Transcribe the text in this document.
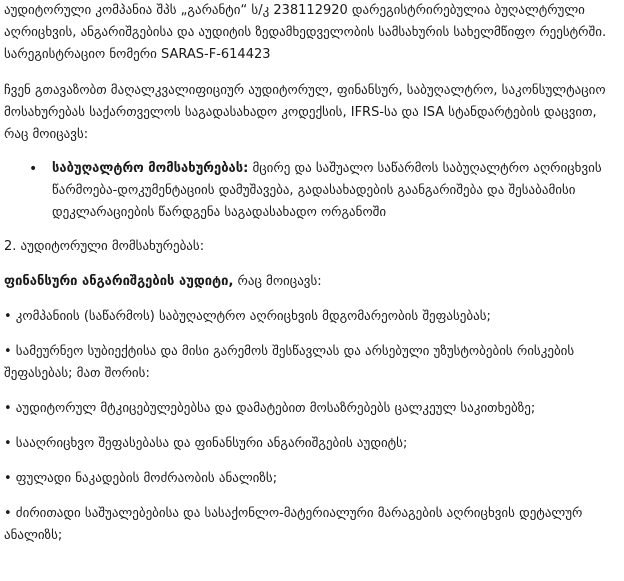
აუდიტორული კომპანია შპს „გარანტი“ ს/კ 238112920 დარეგისტრირებულია ბუღალტრული აღრიცხვის, ანგარიშგებისა და აუდიტის ზედამხედველობის სამსახურის სახელმწიფო რეესტრში. სარეგისტრაციო ნომერი SARAS-F-614423

ჩვენ გთავაზობთ მაღალკვალიფიციურ აუდიტორულ, ფინანსურ, საბუღალტრო, საკონსულტაციო მოსახურებას საქართველოს საგადასახადო კოდექსის, IFRS-სა და ISA სტანდარტების დაცვით, რაც მოიცავს:

• საბუღალტრო მომსახურებას: მცირე და საშუალო საწარმოს საბუღალტრო აღრიცხვის წარმოება-დოკუმენტაციის დამუშავება, გადასახადების გაანგარიშება და შესაბამისი დეკლარაციების წარდგენა საგადასახადო ორგანოში

2. აუდიტორული მომსახურებას:

ფინანსური ანგარიშგების აუდიტი, რაც მოიცავს:

• კომპანიის (საწარმოს) საბუღალტრო აღრიცხვის მდგომარეობის შეფასებას;

• სამეურნეო სუბიექტისა და მისი გარემოს შესწავლას და არსებული უზუსტობების რისკების შეფასებას; მათ შორის:

• აუდიტორულ მტკიცებულებებსა და დამატებით მოსაზრებებს ცალკეულ საკითხებზე;

• სააღრიცხვო შეფასებასა და ფინანსური ანგარიშგების აუდიტს;

• ფულადი ნაკადების მოძრაობის ანალიზს;

• ძირითადი საშუალებებისა და სასაქონლო-მატერიალური მარაგების აღრიცხვის დეტალურ ანალიზს;
